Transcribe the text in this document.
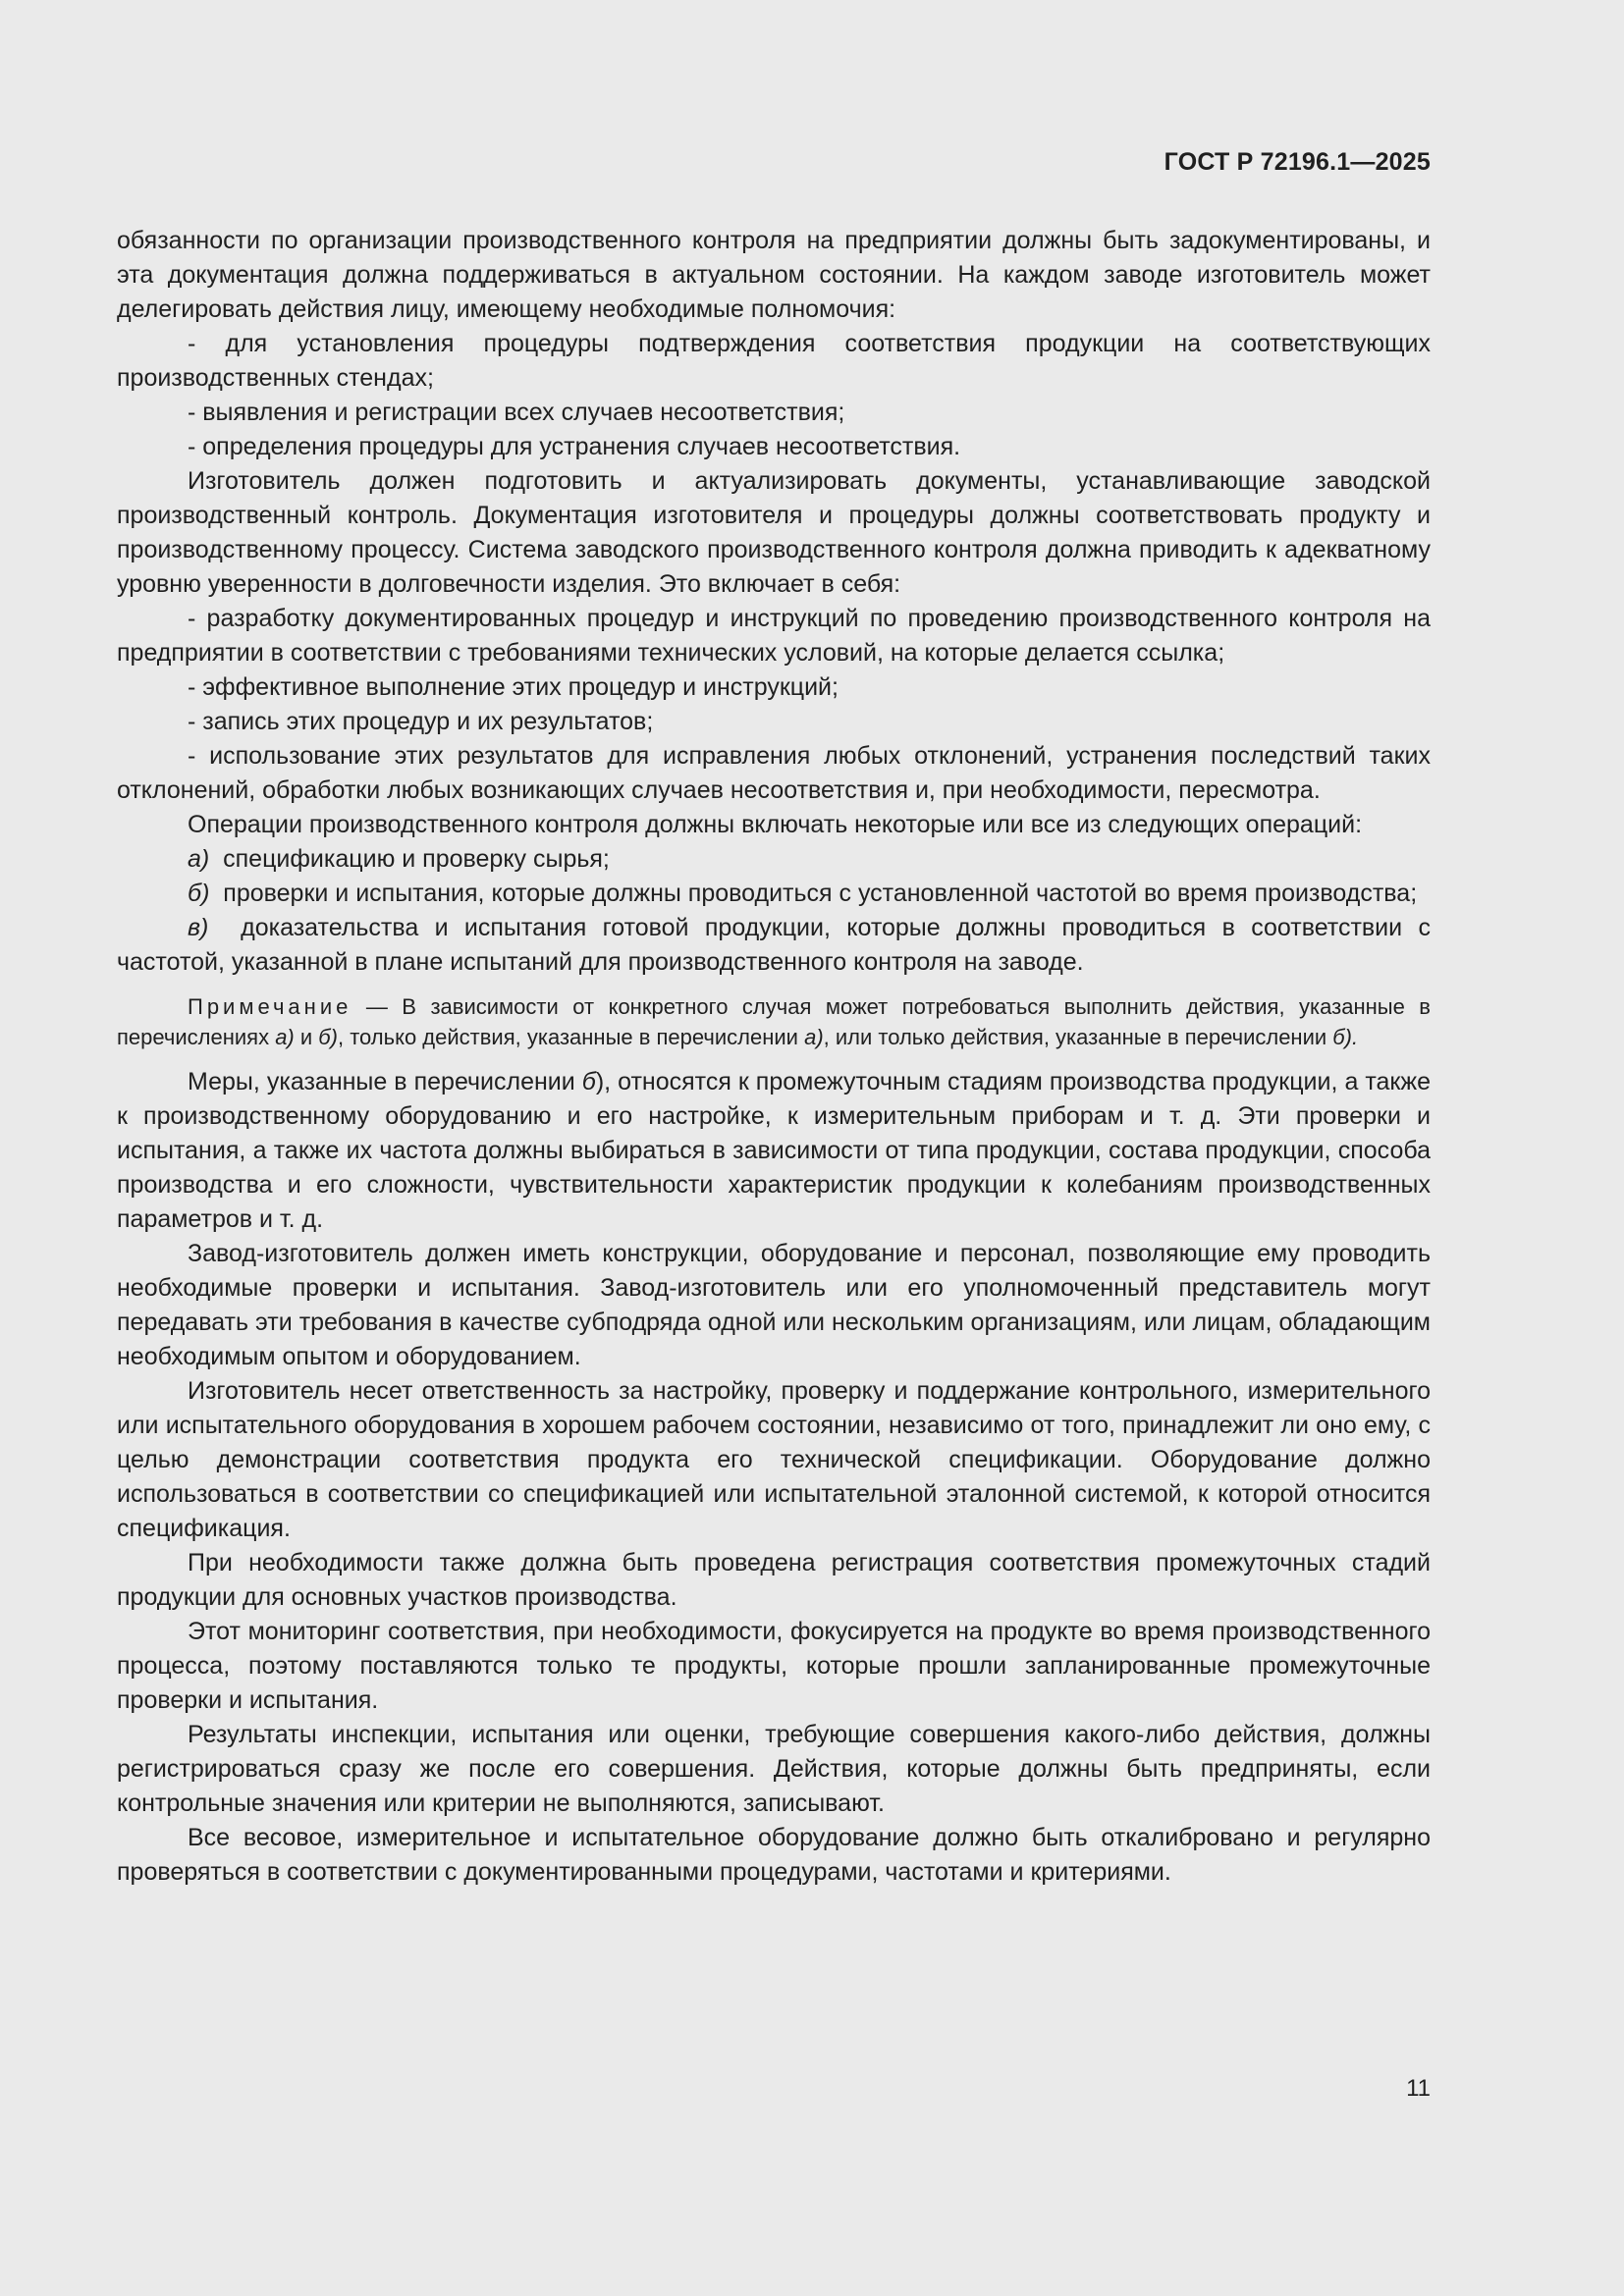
ГОСТ Р 72196.1—2025

обязанности по организации производственного контроля на предприятии должны быть задокументированы, и эта документация должна поддерживаться в актуальном состоянии. На каждом заводе изготовитель может делегировать действия лицу, имеющему необходимые полномочия:

- для установления процедуры подтверждения соответствия продукции на соответствующих производственных стендах;

- выявления и регистрации всех случаев несоответствия;

- определения процедуры для устранения случаев несоответствия.

Изготовитель должен подготовить и актуализировать документы, устанавливающие заводской производственный контроль. Документация изготовителя и процедуры должны соответствовать продукту и производственному процессу. Система заводского производственного контроля должна приводить к адекватному уровню уверенности в долговечности изделия. Это включает в себя:

- разработку документированных процедур и инструкций по проведению производственного контроля на предприятии в соответствии с требованиями технических условий, на которые делается ссылка;

- эффективное выполнение этих процедур и инструкций;

- запись этих процедур и их результатов;

- использование этих результатов для исправления любых отклонений, устранения последствий таких отклонений, обработки любых возникающих случаев несоответствия и, при необходимости, пересмотра.

Операции производственного контроля должны включать некоторые или все из следующих операций:

а) спецификацию и проверку сырья;

б) проверки и испытания, которые должны проводиться с установленной частотой во время производства;

в) доказательства и испытания готовой продукции, которые должны проводиться в соответствии с частотой, указанной в плане испытаний для производственного контроля на заводе.

Примечание — В зависимости от конкретного случая может потребоваться выполнить действия, указанные в перечислениях а) и б), только действия, указанные в перечислении а), или только действия, указанные в перечислении б).

Меры, указанные в перечислении б), относятся к промежуточным стадиям производства продукции, а также к производственному оборудованию и его настройке, к измерительным приборам и т. д. Эти проверки и испытания, а также их частота должны выбираться в зависимости от типа продукции, состава продукции, способа производства и его сложности, чувствительности характеристик продукции к колебаниям производственных параметров и т. д.

Завод-изготовитель должен иметь конструкции, оборудование и персонал, позволяющие ему проводить необходимые проверки и испытания. Завод-изготовитель или его уполномоченный представитель могут передавать эти требования в качестве субподряда одной или нескольким организациям, или лицам, обладающим необходимым опытом и оборудованием.

Изготовитель несет ответственность за настройку, проверку и поддержание контрольного, измерительного или испытательного оборудования в хорошем рабочем состоянии, независимо от того, принадлежит ли оно ему, с целью демонстрации соответствия продукта его технической спецификации. Оборудование должно использоваться в соответствии со спецификацией или испытательной эталонной системой, к которой относится спецификация.

При необходимости также должна быть проведена регистрация соответствия промежуточных стадий продукции для основных участков производства.

Этот мониторинг соответствия, при необходимости, фокусируется на продукте во время производственного процесса, поэтому поставляются только те продукты, которые прошли запланированные промежуточные проверки и испытания.

Результаты инспекции, испытания или оценки, требующие совершения какого-либо действия, должны регистрироваться сразу же после его совершения. Действия, которые должны быть предприняты, если контрольные значения или критерии не выполняются, записывают.

Все весовое, измерительное и испытательное оборудование должно быть откалибровано и регулярно проверяться в соответствии с документированными процедурами, частотами и критериями.

11
